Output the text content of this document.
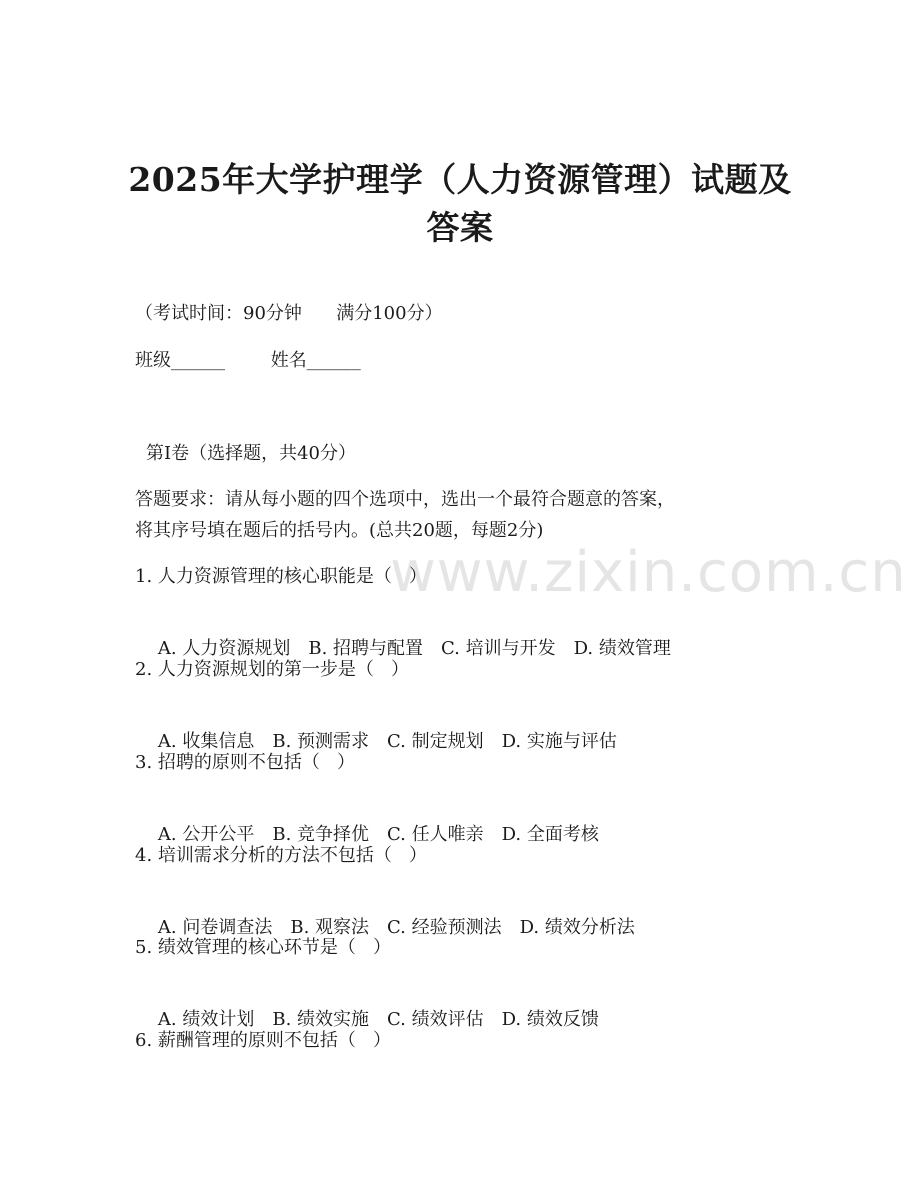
2025年大学护理学（人力资源管理）试题及
答案
（考试时间：90分钟      满分100分）
班级______        姓名______
第I卷（选择题，共40分）
答题要求：请从每小题的四个选项中，选出一个最符合题意的答案，
将其序号填在题后的括号内。(总共20题，每题2分)
www.zixin.com.cn
1. 人力资源管理的核心职能是（   ）

A. 人力资源规划 B. 招聘与配置 C. 培训与开发 D. 绩效管理

2. 人力资源规划的第一步是（   ）

A. 收集信息 B. 预测需求 C. 制定规划 D. 实施与评估

3. 招聘的原则不包括（   ）

A. 公开公平 B. 竞争择优 C. 任人唯亲 D. 全面考核

4. 培训需求分析的方法不包括（   ）

A. 问卷调查法 B. 观察法 C. 经验预测法 D. 绩效分析法

5. 绩效管理的核心环节是（   ）

A. 绩效计划 B. 绩效实施 C. 绩效评估 D. 绩效反馈

6. 薪酬管理的原则不包括（   ）
